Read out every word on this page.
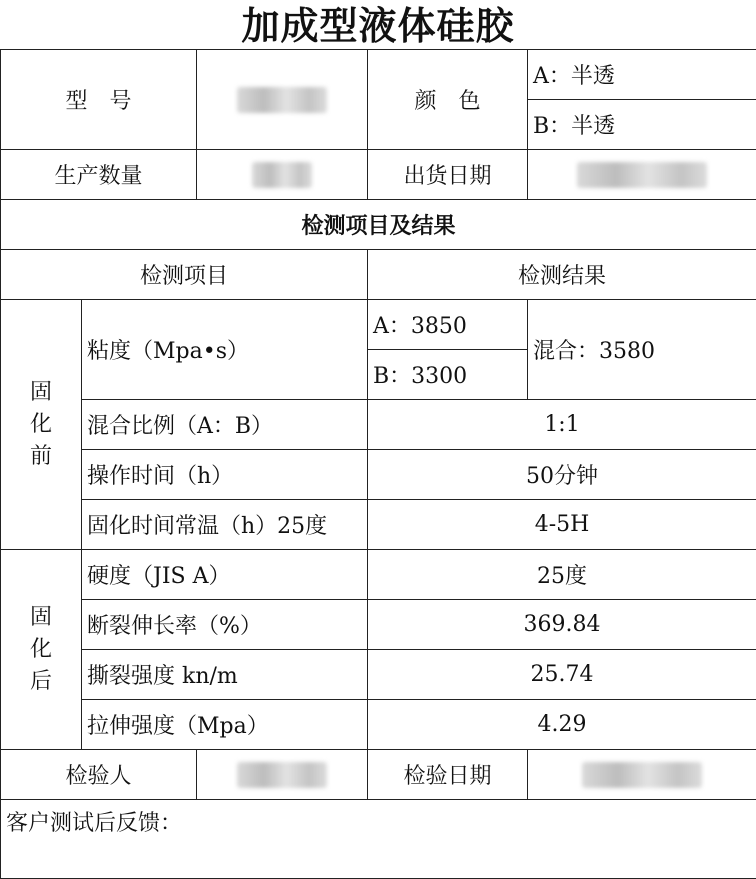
加成型液体硅胶
型　号			颜　色	A：半透
				B：半透
生产数量			出货日期	
检测项目及结果				
检测项目			检测结果	

固
化
前	粘度（Mpa•s）		A：3850	混合：3580
			B：3300	
	混合比例（A：B）		1:1	
	操作时间（h）		50分钟	
	固化时间常温（h）25度		4-5H	

固
化
后	硬度（JIS A）		25度	
	断裂伸长率（%）		369.84	
	撕裂强度 kn/m		25.74	
	拉伸强度（Mpa）		4.29	
检验人			检验日期	
客户测试后反馈：				
